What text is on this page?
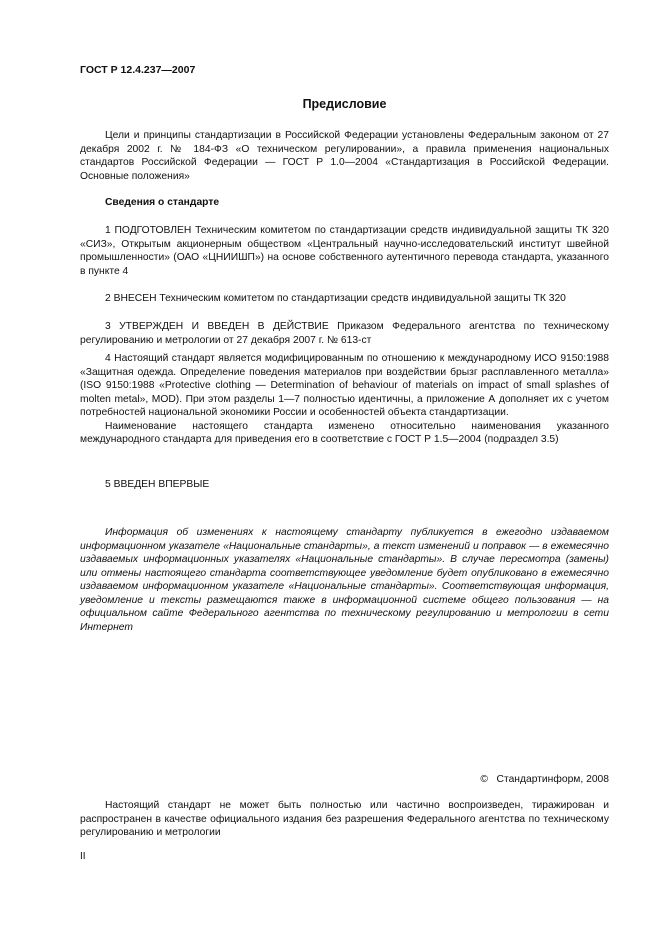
ГОСТ Р 12.4.237—2007
Предисловие

Цели и принципы стандартизации в Российской Федерации установлены Федеральным законом от 27 декабря 2002 г. № 184-ФЗ «О техническом регулировании», а правила применения национальных стандартов Российской Федерации — ГОСТ Р 1.0—2004 «Стандартизация в Российской Федерации. Основные положения»

Сведения о стандарте

1 ПОДГОТОВЛЕН Техническим комитетом по стандартизации средств индивидуальной защиты ТК 320 «СИЗ», Открытым акционерным обществом «Центральный научно-исследовательский институт швейной промышленности» (ОАО «ЦНИИШП») на основе собственного аутентичного перевода стандарта, указанного в пункте 4

2 ВНЕСЕН Техническим комитетом по стандартизации средств индивидуальной защиты ТК 320

3 УТВЕРЖДЕН И ВВЕДЕН В ДЕЙСТВИЕ Приказом Федерального агентства по техническому регулированию и метрологии от 27 декабря 2007 г. № 613-ст

4 Настоящий стандарт является модифицированным по отношению к международному ИСО 9150:1988 «Защитная одежда. Определение поведения материалов при воздействии брызг расплавленного металла» (ISO 9150:1988 «Protective clothing — Determination of behaviour of materials on impact of small splashes of molten metal», MOD). При этом разделы 1—7 полностью идентичны, а приложение А дополняет их с учетом потребностей национальной экономики России и особенностей объекта стандартизации.

Наименование настоящего стандарта изменено относительно наименования указанного международного стандарта для приведения его в соответствие с ГОСТ Р 1.5—2004 (подраздел 3.5)

5 ВВЕДЕН ВПЕРВЫЕ

Информация об изменениях к настоящему стандарту публикуется в ежегодно издаваемом информационном указателе «Национальные стандарты», а текст изменений и поправок — в ежемесячно издаваемых информационных указателях «Национальные стандарты». В случае пересмотра (замены) или отмены настоящего стандарта соответствующее уведомление будет опубликовано в ежемесячно издаваемом информационном указателе «Национальные стандарты». Соответствующая информация, уведомление и тексты размещаются также в информационной системе общего пользования — на официальном сайте Федерального агентства по техническому регулированию и метрологии в сети Интернет

©   Стандартинформ, 2008

Настоящий стандарт не может быть полностью или частично воспроизведен, тиражирован и распространен в качестве официального издания без разрешения Федерального агентства по техническому регулированию и метрологии

II
